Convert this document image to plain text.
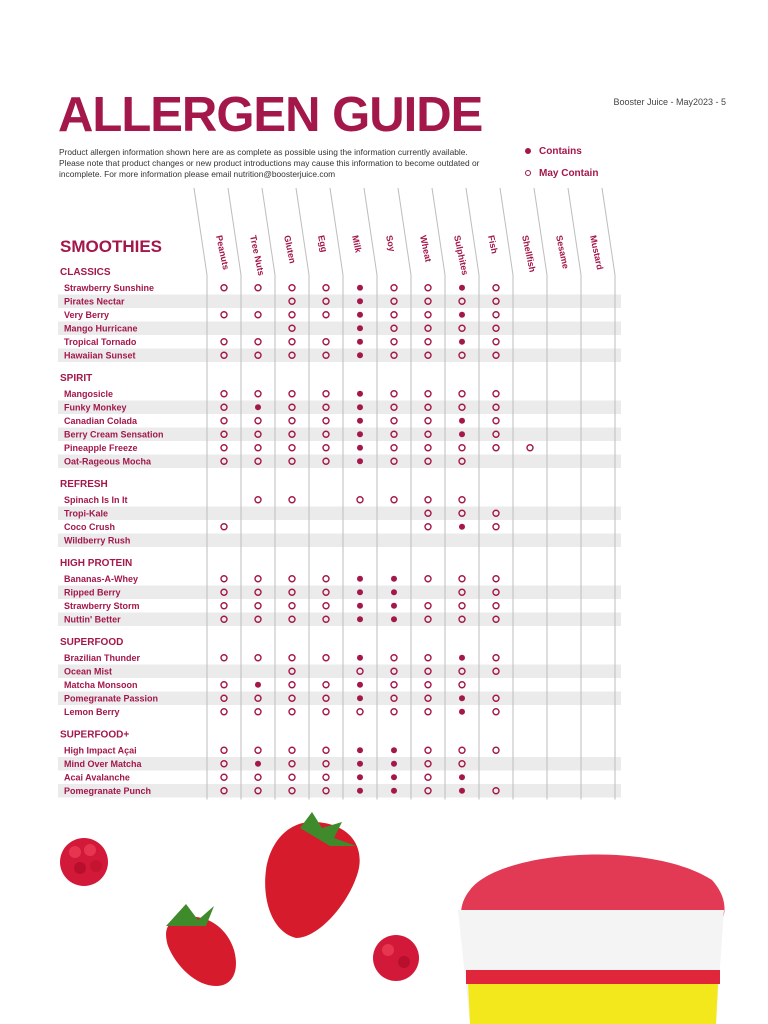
ALLERGEN GUIDE	Booster Juice - May2023 - 5
Product allergen information shown here are as complete as possible using the information currently available.
Please note that product changes or new product introductions may cause this information to become outdated or
incomplete. For more information please email nutrition@boosterjuice.com
Contains
May Contain
SMOOTHIES	Peanuts Tree Nuts Gluten Egg Milk Soy Wheat Sulphites Fish Shellfish Sesame Mustard
CLASSICS
Strawberry Sunshine
Pirates Nectar
Very Berry
Mango Hurricane
Tropical Tornado
Hawaiian Sunset
SPIRIT
Mangosicle
Funky Monkey
Canadian Colada
Berry Cream Sensation
Pineapple Freeze
Oat-Rageous Mocha
REFRESH
Spinach Is In It
Tropi-Kale
Coco Crush
Wildberry Rush
HIGH PROTEIN
Bananas-A-Whey
Ripped Berry
Strawberry Storm
Nuttin' Better
SUPERFOOD
Brazilian Thunder
Ocean Mist
Matcha Monsoon
Pomegranate Passion
Lemon Berry
SUPERFOOD+
High Impact Açai
Mind Over Matcha
Acai Avalanche
Pomegranate Punch
